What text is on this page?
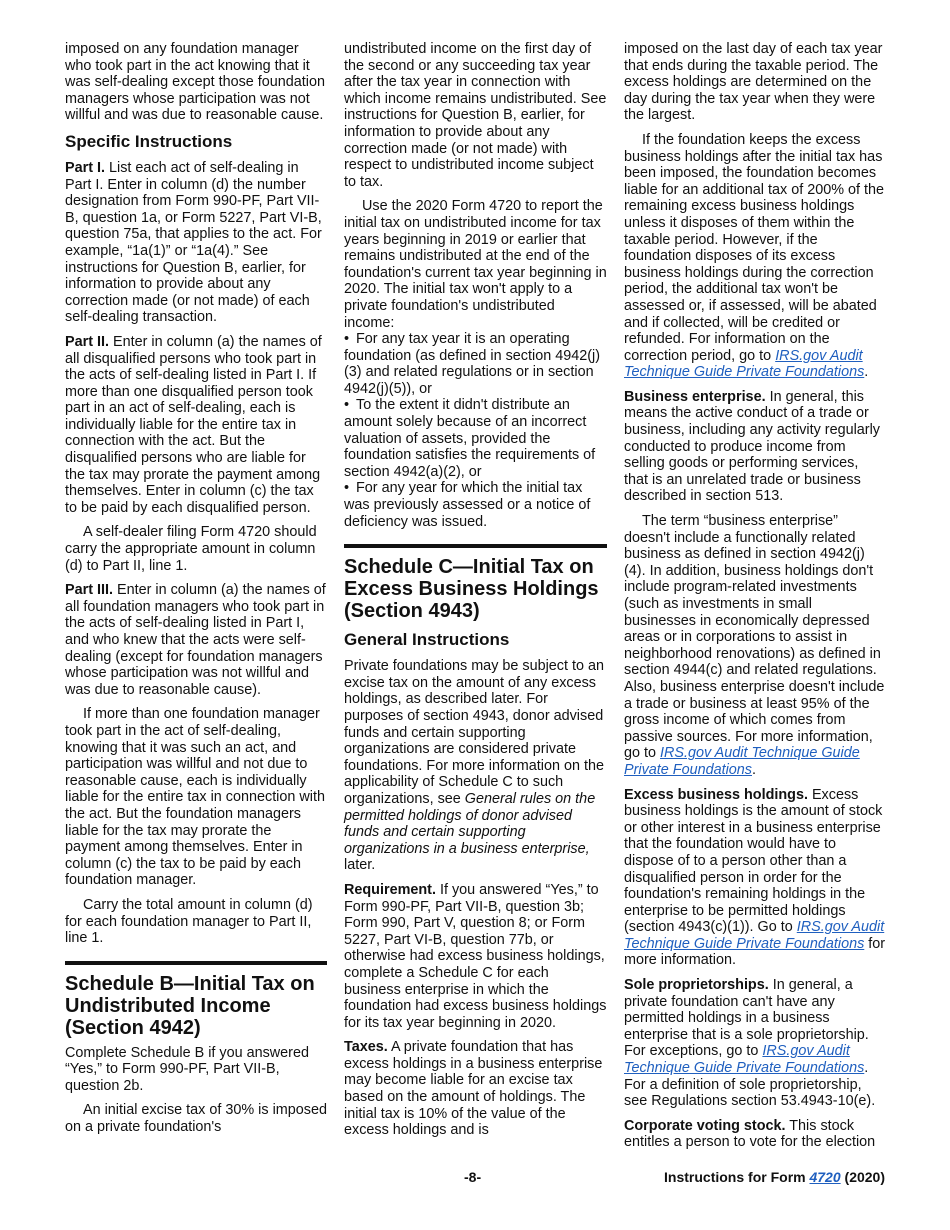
imposed on any foundation manager who took part in the act knowing that it was self-dealing except those foundation managers whose participation was not willful and was due to reasonable cause.

Specific Instructions

Part I. List each act of self-dealing in Part I. Enter in column (d) the number designation from Form 990-PF, Part VII-B, question 1a, or Form 5227, Part VI-B, question 75a, that applies to the act. For example, “1a(1)” or “1a(4).” See instructions for Question B, earlier, for information to provide about any correction made (or not made) of each self-dealing transaction.

Part II. Enter in column (a) the names of all disqualified persons who took part in the acts of self-dealing listed in Part I. If more than one disqualified person took part in an act of self-dealing, each is individually liable for the entire tax in connection with the act. But the disqualified persons who are liable for the tax may prorate the payment among themselves. Enter in column (c) the tax to be paid by each disqualified person.

A self-dealer filing Form 4720 should carry the appropriate amount in column (d) to Part II, line 1.

Part III. Enter in column (a) the names of all foundation managers who took part in the acts of self-dealing listed in Part I, and who knew that the acts were self-dealing (except for foundation managers whose participation was not willful and was due to reasonable cause).

If more than one foundation manager took part in the act of self-dealing, knowing that it was such an act, and participation was willful and not due to reasonable cause, each is individually liable for the entire tax in connection with the act. But the foundation managers liable for the tax may prorate the payment among themselves. Enter in column (c) the tax to be paid by each foundation manager.

Carry the total amount in column (d) for each foundation manager to Part II, line 1.

Schedule B—Initial Tax on Undistributed Income (Section 4942)

Complete Schedule B if you answered “Yes,” to Form 990-PF, Part VII-B, question 2b.

An initial excise tax of 30% is imposed on a private foundation's

undistributed income on the first day of the second or any succeeding tax year after the tax year in connection with which income remains undistributed. See instructions for Question B, earlier, for information to provide about any correction made (or not made) with respect to undistributed income subject to tax.

Use the 2020 Form 4720 to report the initial tax on undistributed income for tax years beginning in 2019 or earlier that remains undistributed at the end of the foundation's current tax year beginning in 2020. The initial tax won't apply to a private foundation's undistributed income:

• For any tax year it is an operating foundation (as defined in section 4942(j)(3) and related regulations or in section 4942(j)(5)), or

• To the extent it didn't distribute an amount solely because of an incorrect valuation of assets, provided the foundation satisfies the requirements of section 4942(a)(2), or

• For any year for which the initial tax was previously assessed or a notice of deficiency was issued.

Schedule C—Initial Tax on Excess Business Holdings (Section 4943)
General Instructions

Private foundations may be subject to an excise tax on the amount of any excess holdings, as described later. For purposes of section 4943, donor advised funds and certain supporting organizations are considered private foundations. For more information on the applicability of Schedule C to such organizations, see General rules on the permitted holdings of donor advised funds and certain supporting organizations in a business enterprise, later.

Requirement. If you answered “Yes,” to Form 990-PF, Part VII-B, question 3b; Form 990, Part V, question 8; or Form 5227, Part VI-B, question 77b, or otherwise had excess business holdings, complete a Schedule C for each business enterprise in which the foundation had excess business holdings for its tax year beginning in 2020.

Taxes. A private foundation that has excess holdings in a business enterprise may become liable for an excise tax based on the amount of holdings. The initial tax is 10% of the value of the excess holdings and is

imposed on the last day of each tax year that ends during the taxable period. The excess holdings are determined on the day during the tax year when they were the largest.

If the foundation keeps the excess business holdings after the initial tax has been imposed, the foundation becomes liable for an additional tax of 200% of the remaining excess business holdings unless it disposes of them within the taxable period. However, if the foundation disposes of its excess business holdings during the correction period, the additional tax won't be assessed or, if assessed, will be abated and if collected, will be credited or refunded. For information on the correction period, go to IRS.gov Audit Technique Guide Private Foundations.

Business enterprise. In general, this means the active conduct of a trade or business, including any activity regularly conducted to produce income from selling goods or performing services, that is an unrelated trade or business described in section 513.

The term “business enterprise” doesn't include a functionally related business as defined in section 4942(j)(4). In addition, business holdings don't include program-related investments (such as investments in small businesses in economically depressed areas or in corporations to assist in neighborhood renovations) as defined in section 4944(c) and related regulations. Also, business enterprise doesn't include a trade or business at least 95% of the gross income of which comes from passive sources. For more information, go to IRS.gov Audit Technique Guide Private Foundations.

Excess business holdings. Excess business holdings is the amount of stock or other interest in a business enterprise that the foundation would have to dispose of to a person other than a disqualified person in order for the foundation's remaining holdings in the enterprise to be permitted holdings (section 4943(c)(1)). Go to IRS.gov Audit Technique Guide Private Foundations for more information.

Sole proprietorships. In general, a private foundation can't have any permitted holdings in a business enterprise that is a sole proprietorship. For exceptions, go to IRS.gov Audit Technique Guide Private Foundations. For a definition of sole proprietorship, see Regulations section 53.4943-10(e).

Corporate voting stock. This stock entitles a person to vote for the election

-8-	Instructions for Form 4720 (2020)
